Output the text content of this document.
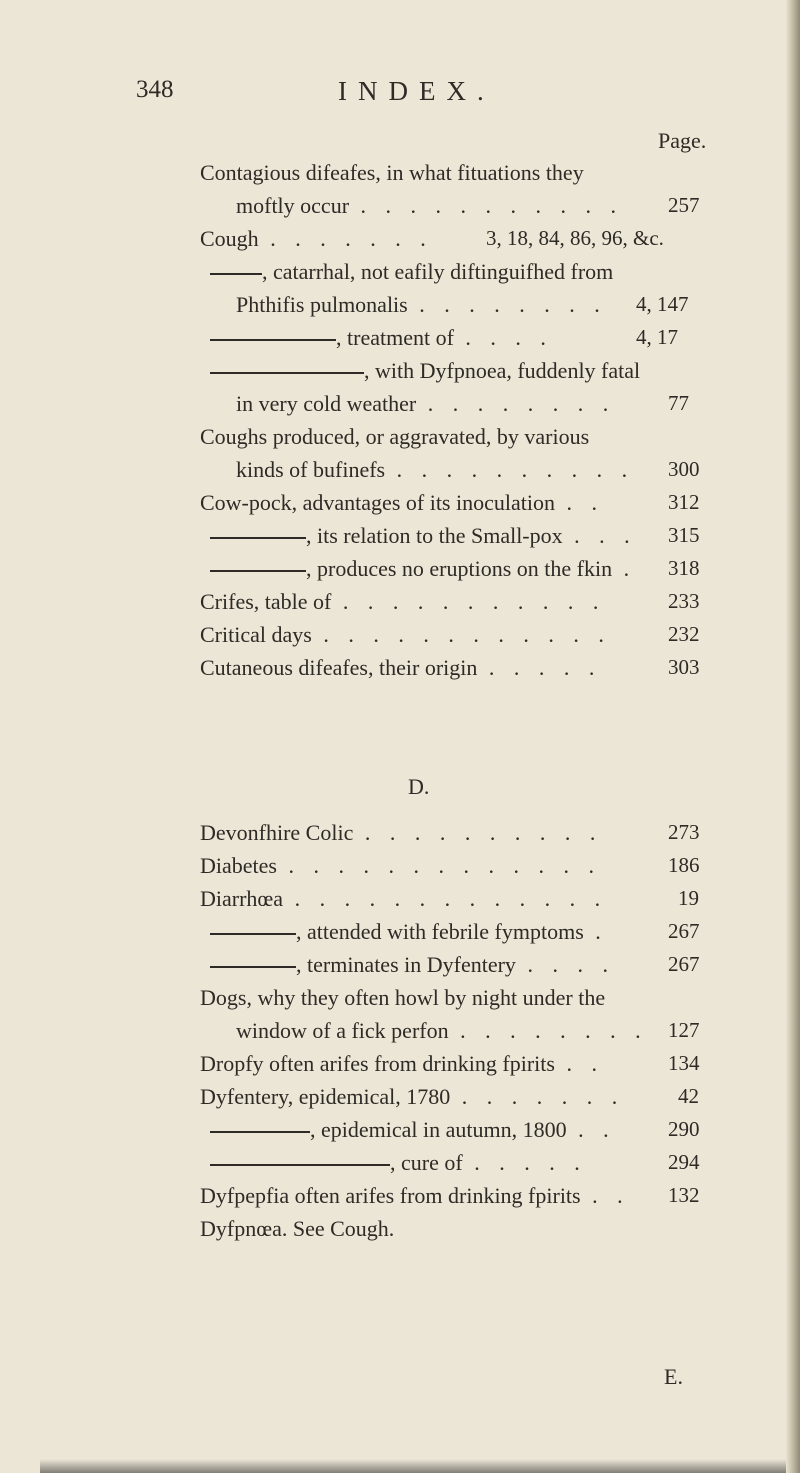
348	INDEX.
Page.
Contagious difeafes, in what fituations they
moftly occur . . . . . . . . . . . 257
Cough . . . . . . .	3, 18, 84, 86, 96, &c.
, catarrhal, not eafily diftinguifhed from
Phthifis pulmonalis . . . . . . . . 4, 147
, treatment of . . . .	4, 17
, with Dyfpnoea, fuddenly fatal
in very cold weather . . . . . . . .	77
Coughs produced, or aggravated, by various
kinds of bufinefs . . . . . . . . . . 300
Cow-pock, advantages of its inoculation . .	312
, its relation to the Small-pox . . . 315
, produces no eruptions on the fkin . 318
Crifes, table of . . . . . . . . . . .	233
Critical days . . . . . . . . . . . .	232
Cutaneous difeafes, their origin . . . . .	303
D.
Devonfhire Colic . . . . . . . . . .	273
Diabetes . . . . . . . . . . . . .	186
Diarrhœa . . . . . . . . . . . . .	19
, attended with febrile fymptoms .	267
, terminates in Dyfentery . . . .	267
Dogs, why they often howl by night under the
window of a fick perfon . . . . . . . . 127
Dropfy often arifes from drinking fpirits . .	134
Dyfentery, epidemical, 1780 . . . . . . .	42
, epidemical in autumn, 1800 . . 290
, cure of . . . . .	294
Dyfpepfia often arifes from drinking fpirits . . 132
Dyfpnœa. See Cough.
E.
